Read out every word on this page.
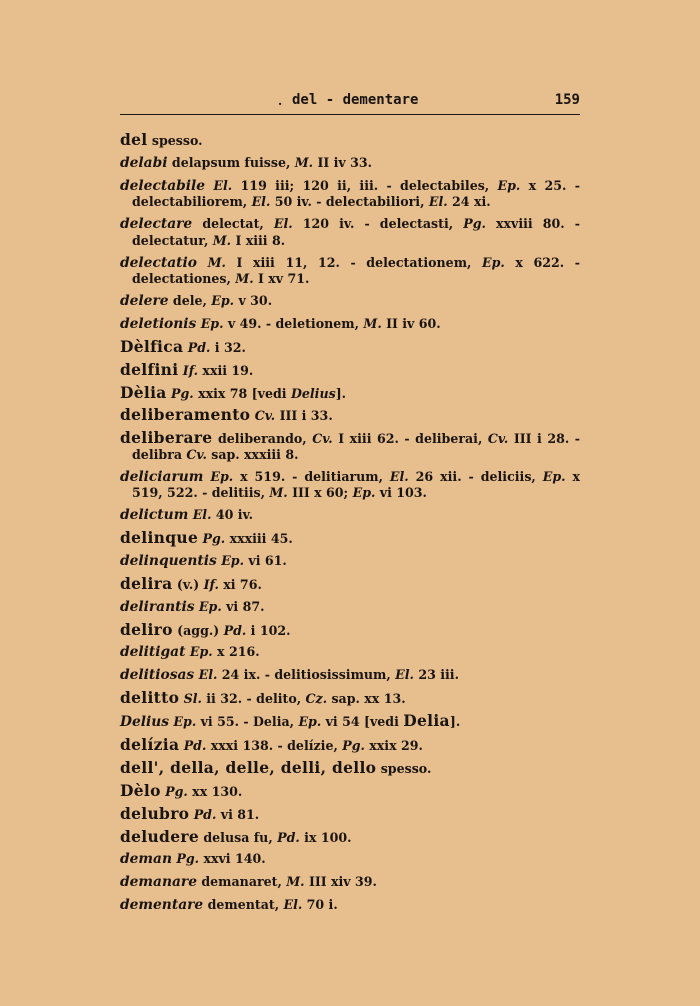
. del - dementare	159
del spesso.
delabi delapsum fuisse, M. II iv 33.
delectabile El. 119 iii; 120 ii, iii. - delectabiles, Ep. x 25. - delectabiliorem, El. 50 iv. - delectabiliori, El. 24 xi.
delectare delectat, El. 120 iv. - delectasti, Pg. xxviii 80. - delectatur, M. I xiii 8.
delectatio M. I xiii 11, 12. - delectationem, Ep. x 622. - delectationes, M. I xv 71.
delere dele, Ep. v 30.
deletionis Ep. v 49. - deletionem, M. II iv 60.
Dèlfica Pd. i 32.
delfini If. xxii 19.
Dèlia Pg. xxix 78 [vedi Delius].
deliberamento Cv. III i 33.
deliberare deliberando, Cv. I xiii 62. - deliberai, Cv. III i 28. - delibra Cv. sap. xxxiii 8.
deliciarum Ep. x 519. - delitiarum, El. 26 xii. - deliciis, Ep. x 519, 522. - delitiis, M. III x 60; Ep. vi 103.
delictum El. 40 iv.
delinque Pg. xxxiii 45.
delinquentis Ep. vi 61.
delira (v.) If. xi 76.
delirantis Ep. vi 87.
deliro (agg.) Pd. i 102.
delitigat Ep. x 216.
delitiosas El. 24 ix. - delitiosissimum, El. 23 iii.
delitto Sl. ii 32. - delito, Cz. sap. xx 13.
Delius Ep. vi 55. - Delia, Ep. vi 54 [vedi Delia].
delízia Pd. xxxi 138. - delízie, Pg. xxix 29.
dell', della, delle, delli, dello spesso.
Dèlo Pg. xx 130.
delubro Pd. vi 81.
deludere delusa fu, Pd. ix 100.
deman Pg. xxvi 140.
demanare demanaret, M. III xiv 39.
dementare dementat, El. 70 i.
